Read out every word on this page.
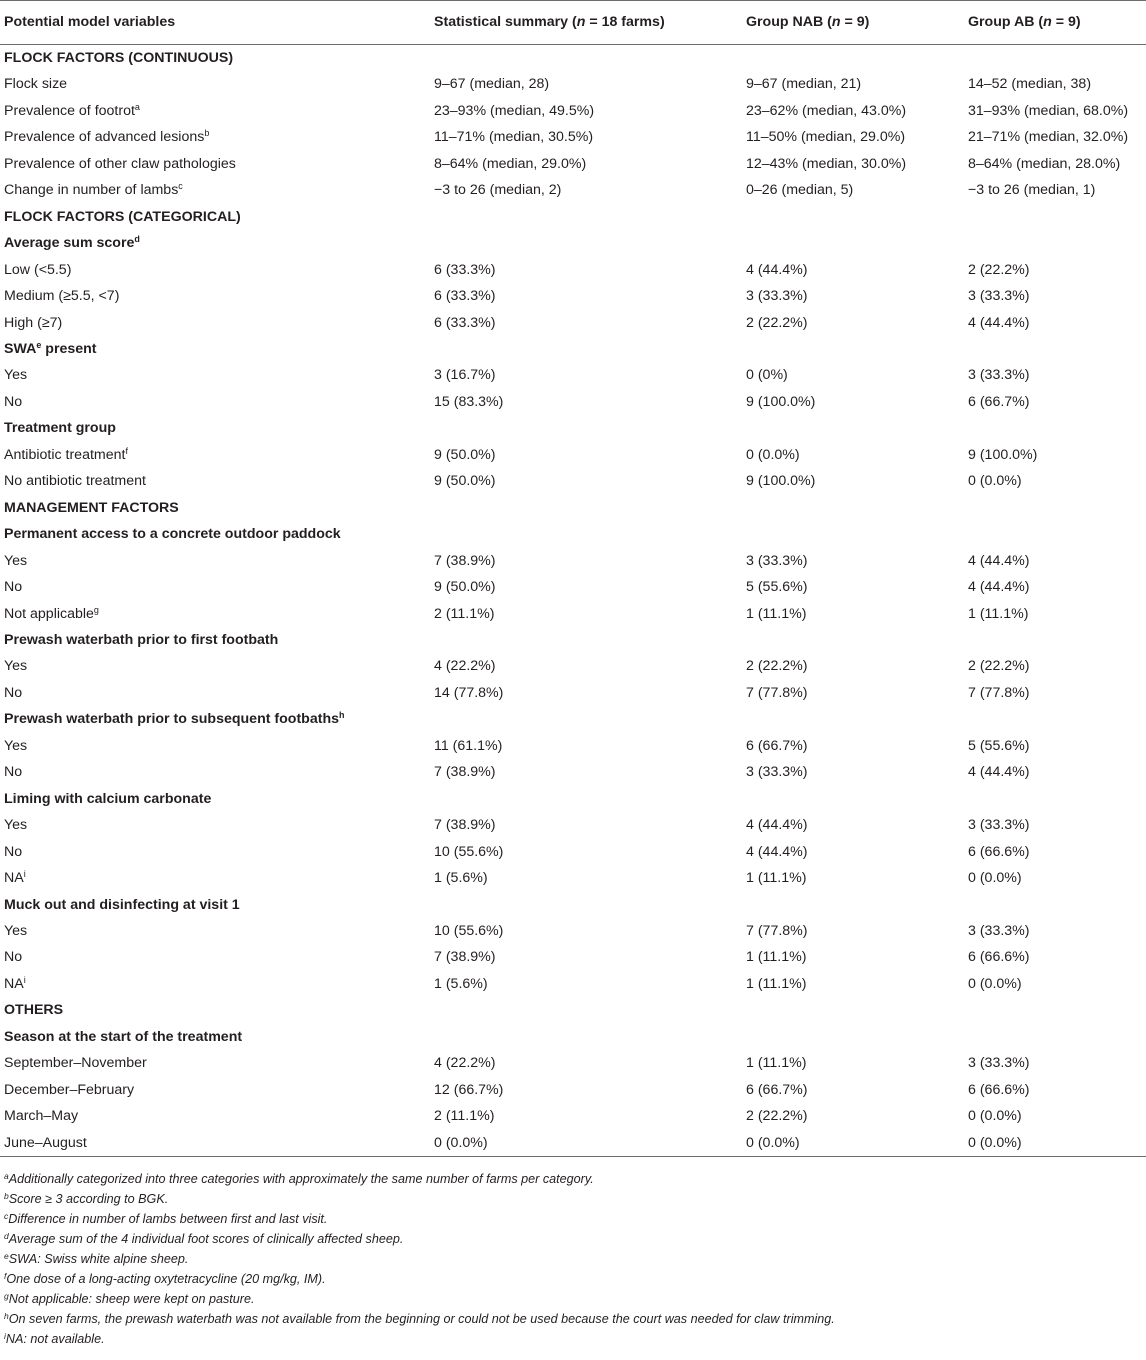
Potential model variables	Statistical summary (n = 18 farms)	Group NAB (n = 9)	Group AB (n = 9)
FLOCK FACTORS (CONTINUOUS)			
Flock size	9–67 (median, 28)	9–67 (median, 21)	14–52 (median, 38)
Prevalence of footrot$^a$	23–93% (median, 49.5%)	23–62% (median, 43.0%)	31–93% (median, 68.0%)
Prevalence of advanced lesions$^b$	11–71% (median, 30.5%)	11–50% (median, 29.0%)	21–71% (median, 32.0%)
Prevalence of other claw pathologies	8–64% (median, 29.0%)	12–43% (median, 30.0%)	8–64% (median, 28.0%)
Change in number of lambs$^c$	−3 to 26 (median, 2)	0–26 (median, 5)	−3 to 26 (median, 1)
FLOCK FACTORS (CATEGORICAL)			
Average sum score$^d$
Low (<5.5)	6 (33.3%)	4 (44.4%)	2 (22.2%)
Medium (≥5.5, <7)	6 (33.3%)	3 (33.3%)	3 (33.3%)
High (≥7)	6 (33.3%)	2 (22.2%)	4 (44.4%)
SWA$^e$ present			
Yes	3 (16.7%)	0 (0%)	3 (33.3%)
No	15 (83.3%)	9 (100.0%)	6 (66.7%)
Treatment group			
Antibiotic treatment$^f$	9 (50.0%)	0 (0.0%)	9 (100.0%)
No antibiotic treatment	9 (50.0%)	9 (100.0%)	0 (0.0%)
MANAGEMENT FACTORS			
Permanent access to a concrete outdoor paddock			
Yes	7 (38.9%)	3 (33.3%)	4 (44.4%)
No	9 (50.0%)	5 (55.6%)	4 (44.4%)
Not applicable$^g$	2 (11.1%)	1 (11.1%)	1 (11.1%)
Prewash waterbath prior to first footbath			
Yes	4 (22.2%)	2 (22.2%)	2 (22.2%)
No	14 (77.8%)	7 (77.8%)	7 (77.8%)
Prewash waterbath prior to subsequent footbaths$^h$
Yes	11 (61.1%)	6 (66.7%)	5 (55.6%)
No	7 (38.9%)	3 (33.3%)	4 (44.4%)
Liming with calcium carbonate			
Yes	7 (38.9%)	4 (44.4%)	3 (33.3%)
No	10 (55.6%)	4 (44.4%)	6 (66.6%)
$NA^i$	1 (5.6%)	1 (11.1%)	0 (0.0%)
Muck out and disinfecting at visit 1			
Yes	10 (55.6%)	7 (77.8%)	3 (33.3%)
No	7 (38.9%)	1 (11.1%)	6 (66.6%)
$NA^i$	1 (5.6%)	1 (11.1%)	0 (0.0%)
OTHERS			
Season at the start of the treatment			
September–November	4 (22.2%)	1 (11.1%)	3 (33.3%)
December–February	12 (66.7%)	6 (66.7%)	6 (66.6%)
March–May	2 (11.1%)	2 (22.2%)	0 (0.0%)
June–August	0 (0.0%)	0 (0.0%)	0 (0.0%)
$^a$Additionally categorized into three categories with approximately the same number of farms per category.
$^b$Score ≥ 3 according to BGK.
$^c$Difference in number of lambs between first and last visit.
$^d$Average sum of the 4 individual foot scores of clinically affected sheep.
$^e$SWA: Swiss white alpine sheep.
$^f$One dose of a long-acting oxytetracycline (20 mg/kg, IM).
$^g$Not applicable: sheep were kept on pasture.
$^h$On seven farms, the prewash waterbath was not available from the beginning or could not be used because the court was needed for claw trimming.
$^i$NA: not available.
